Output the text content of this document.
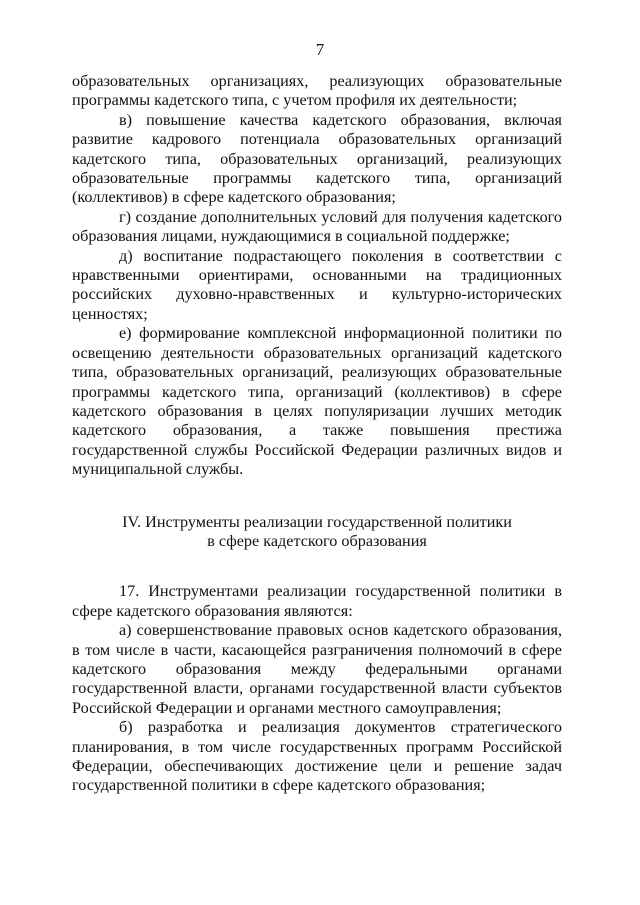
7

образовательных организациях, реализующих образовательные программы кадетского типа, с учетом профиля их деятельности;

в) повышение качества кадетского образования, включая развитие кадрового потенциала образовательных организаций кадетского типа, образовательных организаций, реализующих образовательные программы кадетского типа, организаций (коллективов) в сфере кадетского образования;

г) создание дополнительных условий для получения кадетского образования лицами, нуждающимися в социальной поддержке;

д) воспитание подрастающего поколения в соответствии с нравственными ориентирами, основанными на традиционных российских духовно-нравственных и культурно-исторических ценностях;

е) формирование комплексной информационной политики по освещению деятельности образовательных организаций кадетского типа, образовательных организаций, реализующих образовательные программы кадетского типа, организаций (коллективов) в сфере кадетского образования в целях популяризации лучших методик кадетского образования, а также повышения престижа государственной службы Российской Федерации различных видов и муниципальной службы.

IV. Инструменты реализации государственной политики
в сфере кадетского образования

17. Инструментами реализации государственной политики в сфере кадетского образования являются:

а) совершенствование правовых основ кадетского образования, в том числе в части, касающейся разграничения полномочий в сфере кадетского образования между федеральными органами государственной власти, органами государственной власти субъектов Российской Федерации и органами местного самоуправления;

б) разработка и реализация документов стратегического планирования, в том числе государственных программ Российской Федерации, обеспечивающих достижение цели и решение задач государственной политики в сфере кадетского образования;
